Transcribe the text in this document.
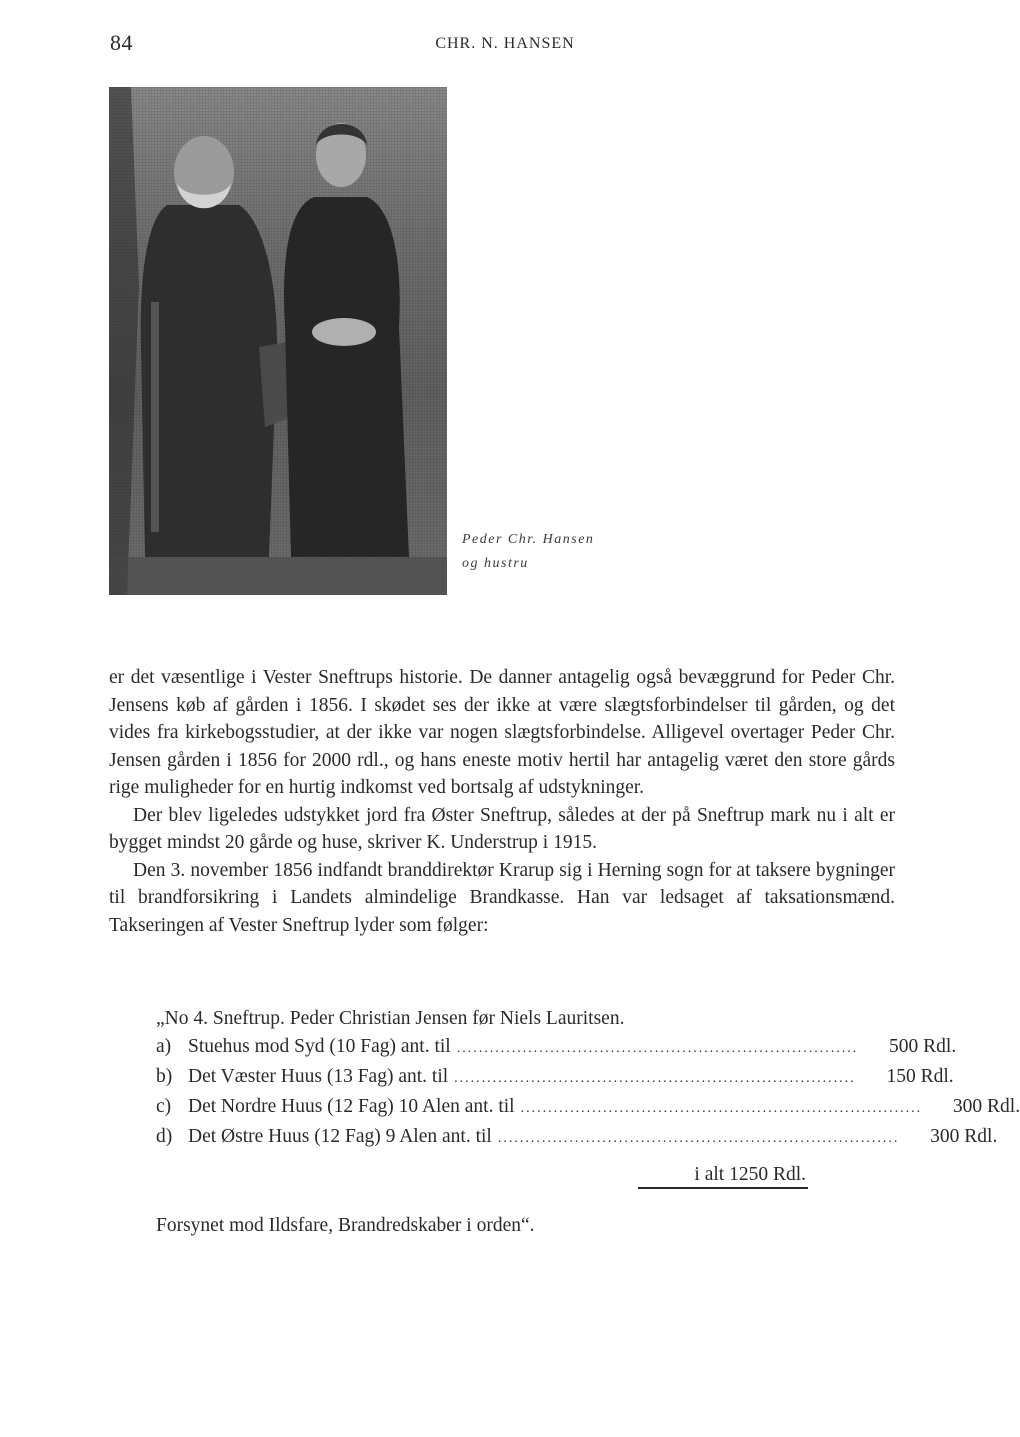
84	CHR. N. HANSEN
Peder Chr. Hansen
og hustru

er det væsentlige i Vester Sneftrups historie. De danner antagelig også bevæggrund for Peder Chr. Jensens køb af gården i 1856. I skødet ses der ikke at være slægtsforbindelser til gården, og det vides fra kirkebogsstudier, at der ikke var nogen slægtsforbindelse. Alligevel overtager Peder Chr. Jensen gården i 1856 for 2000 rdl., og hans eneste motiv hertil har antagelig været den store gårds rige muligheder for en hurtig indkomst ved bortsalg af udstykninger.

Der blev ligeledes udstykket jord fra Øster Sneftrup, således at der på Sneftrup mark nu i alt er bygget mindst 20 gårde og huse, skriver K. Understrup i 1915.

Den 3. november 1856 indfandt branddirektør Krarup sig i Herning sogn for at taksere bygninger til brandforsikring i Landets almindelige Brandkasse. Han var ledsaget af taksationsmænd. Takseringen af Vester Sneftrup lyder som følger:

„No 4. Sneftrup. Peder Christian Jensen før Niels Lauritsen.

a) Stuehus mod Syd (10 Fag) ant. til .........................................................................	500 Rdl.
b) Det Væster Huus (13 Fag) ant. til .........................................................................	150 Rdl.
c) Det Nordre Huus (12 Fag) 10 Alen ant. til .........................................................................	300 Rdl.
d) Det Østre Huus (12 Fag) 9 Alen ant. til .........................................................................	300 Rdl.
i alt 1250 Rdl.
Forsynet mod Ildsfare, Brandredskaber i orden“.
